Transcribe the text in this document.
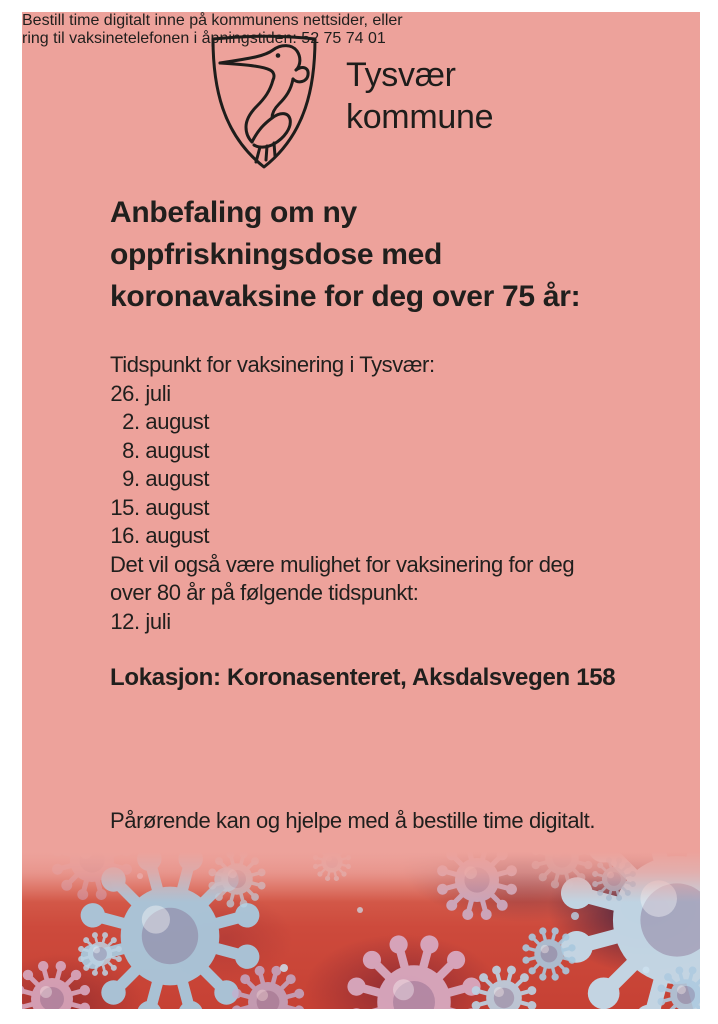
Tysvær
kommune
Anbefaling om ny
oppfriskningsdose med
koronavaksine for deg over 75 år:
Tidspunkt for vaksinering i Tysvær:
26. juli
2. august
8. august
9. august
15. august
16. august
Det vil også være mulighet for vaksinering for deg
over 80 år på følgende tidspunkt:
12. juli

Lokasjon: Koronasenteret, Aksdalsvegen 158

Bestill time digitalt inne på kommunens nettsider, eller
ring til vaksinetelefonen i åpningstiden: 52 75 74 01

Pårørende kan og hjelpe med å bestille time digitalt.
